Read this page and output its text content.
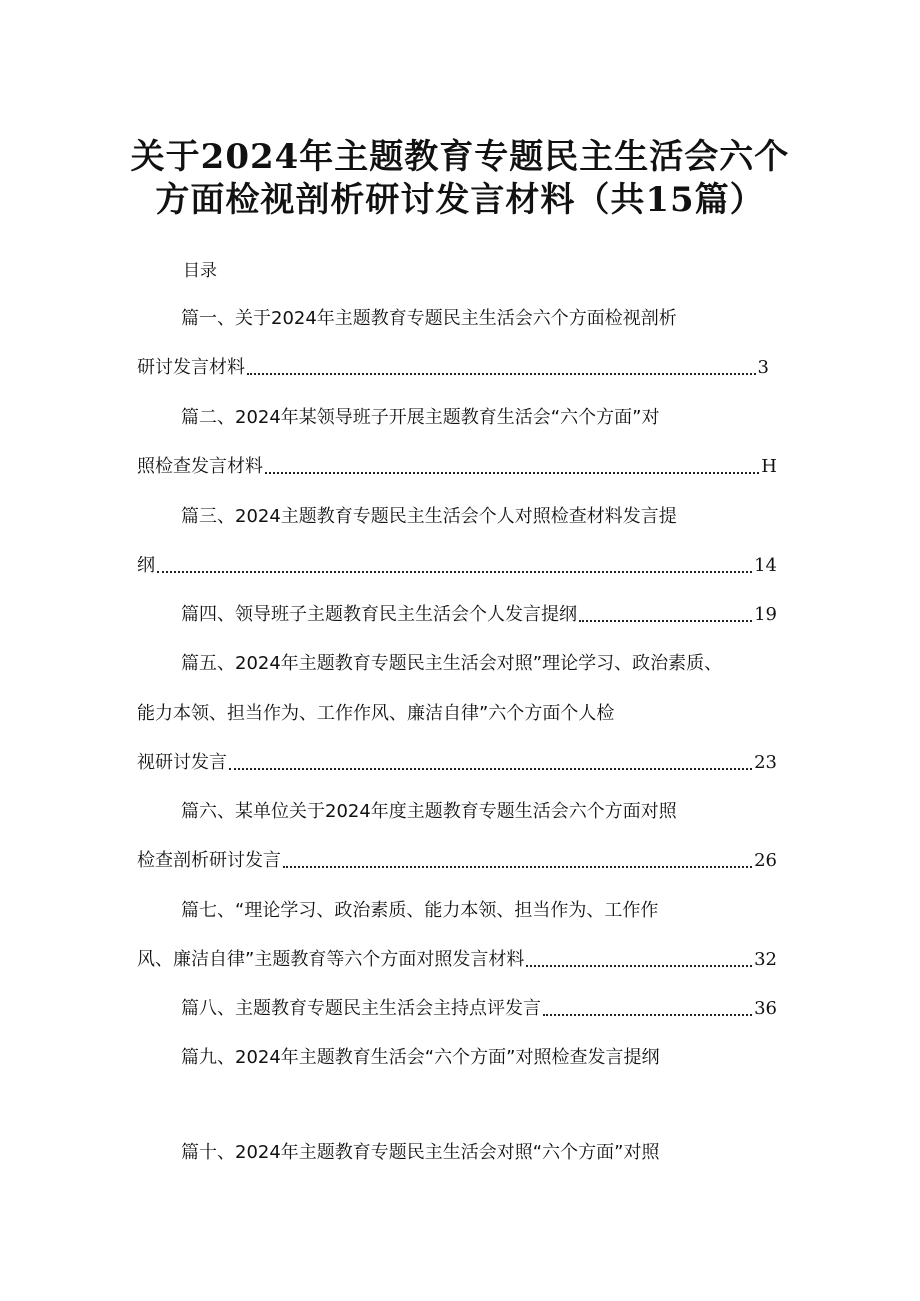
关于2024年主题教育专题民主生活会六个
方面检视剖析研讨发言材料（共15篇）
目录
篇一、关于2024年主题教育专题民主生活会六个方面检视剖析
研讨发言材料	3
篇二、2024年某领导班子开展主题教育生活会“六个方面”对
照检查发言材料	H
篇三、2024主题教育专题民主生活会个人对照检查材料发言提
纲	14
篇四、领导班子主题教育民主生活会个人发言提纲	19
篇五、2024年主题教育专题民主生活会对照”理论学习、政治素质、
能力本领、担当作为、工作作风、廉洁自律”六个方面个人检
视研讨发言	23
篇六、某单位关于2024年度主题教育专题生活会六个方面对照
检查剖析研讨发言	26
篇七、“理论学习、政治素质、能力本领、担当作为、工作作
风、廉洁自律”主题教育等六个方面对照发言材料	32
篇八、主题教育专题民主生活会主持点评发言	36
篇九、2024年主题教育生活会“六个方面”对照检查发言提纲
篇十、2024年主题教育专题民主生活会对照“六个方面”对照
